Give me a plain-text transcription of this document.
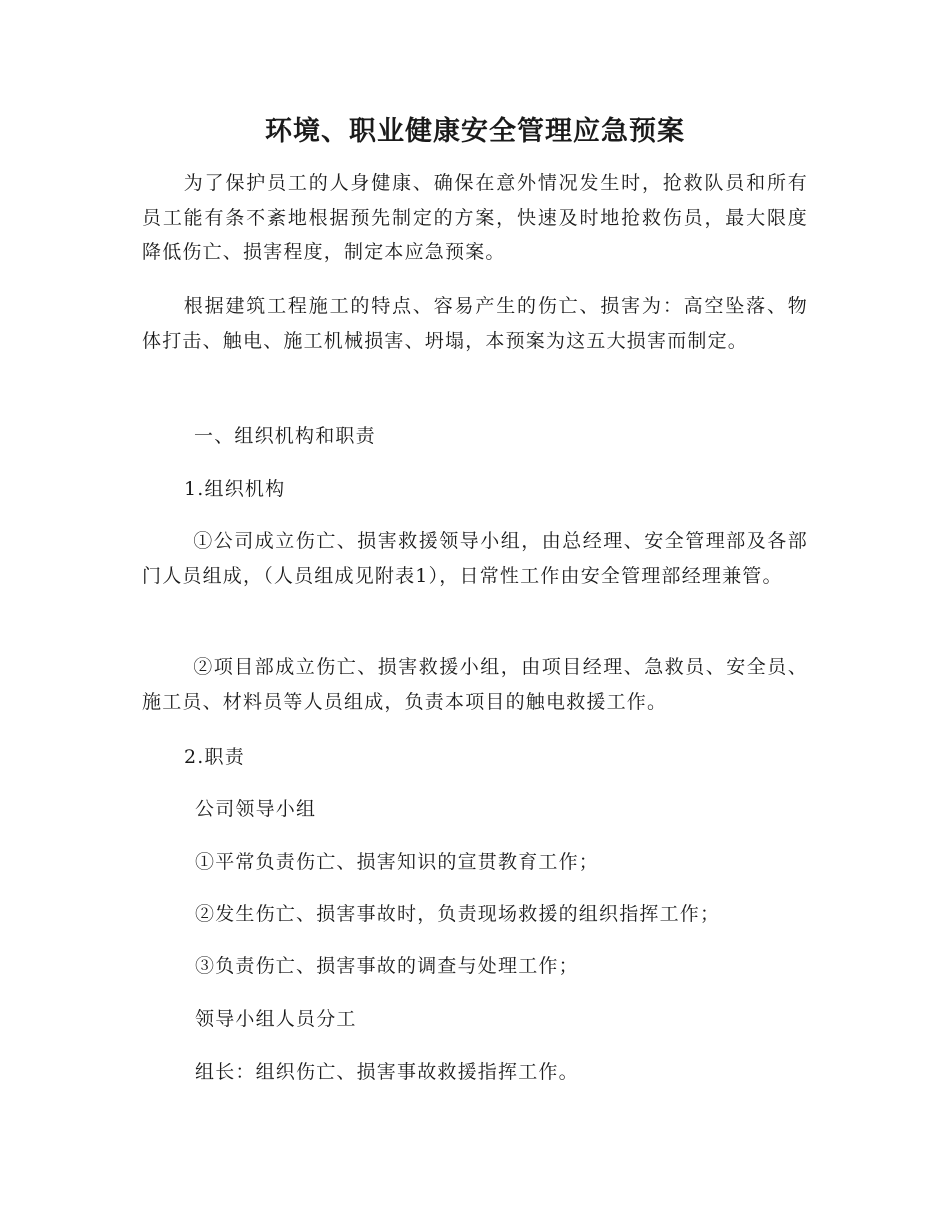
环境、职业健康安全管理应急预案

为了保护员工的人身健康、确保在意外情况发生时，抢救队员和所有员工能有条不紊地根据预先制定的方案，快速及时地抢救伤员，最大限度降低伤亡、损害程度，制定本应急预案。

根据建筑工程施工的特点、容易产生的伤亡、损害为：高空坠落、物体打击、触电、施工机械损害、坍塌，本预案为这五大损害而制定。

一、组织机构和职责

1.组织机构

①公司成立伤亡、损害救援领导小组，由总经理、安全管理部及各部门人员组成，（人员组成见附表1），日常性工作由安全管理部经理兼管。

②项目部成立伤亡、损害救援小组，由项目经理、急救员、安全员、施工员、材料员等人员组成，负责本项目的触电救援工作。

2.职责

公司领导小组

①平常负责伤亡、损害知识的宣贯教育工作；

②发生伤亡、损害事故时，负责现场救援的组织指挥工作；

③负责伤亡、损害事故的调查与处理工作；

领导小组人员分工

组长：组织伤亡、损害事故救援指挥工作。
